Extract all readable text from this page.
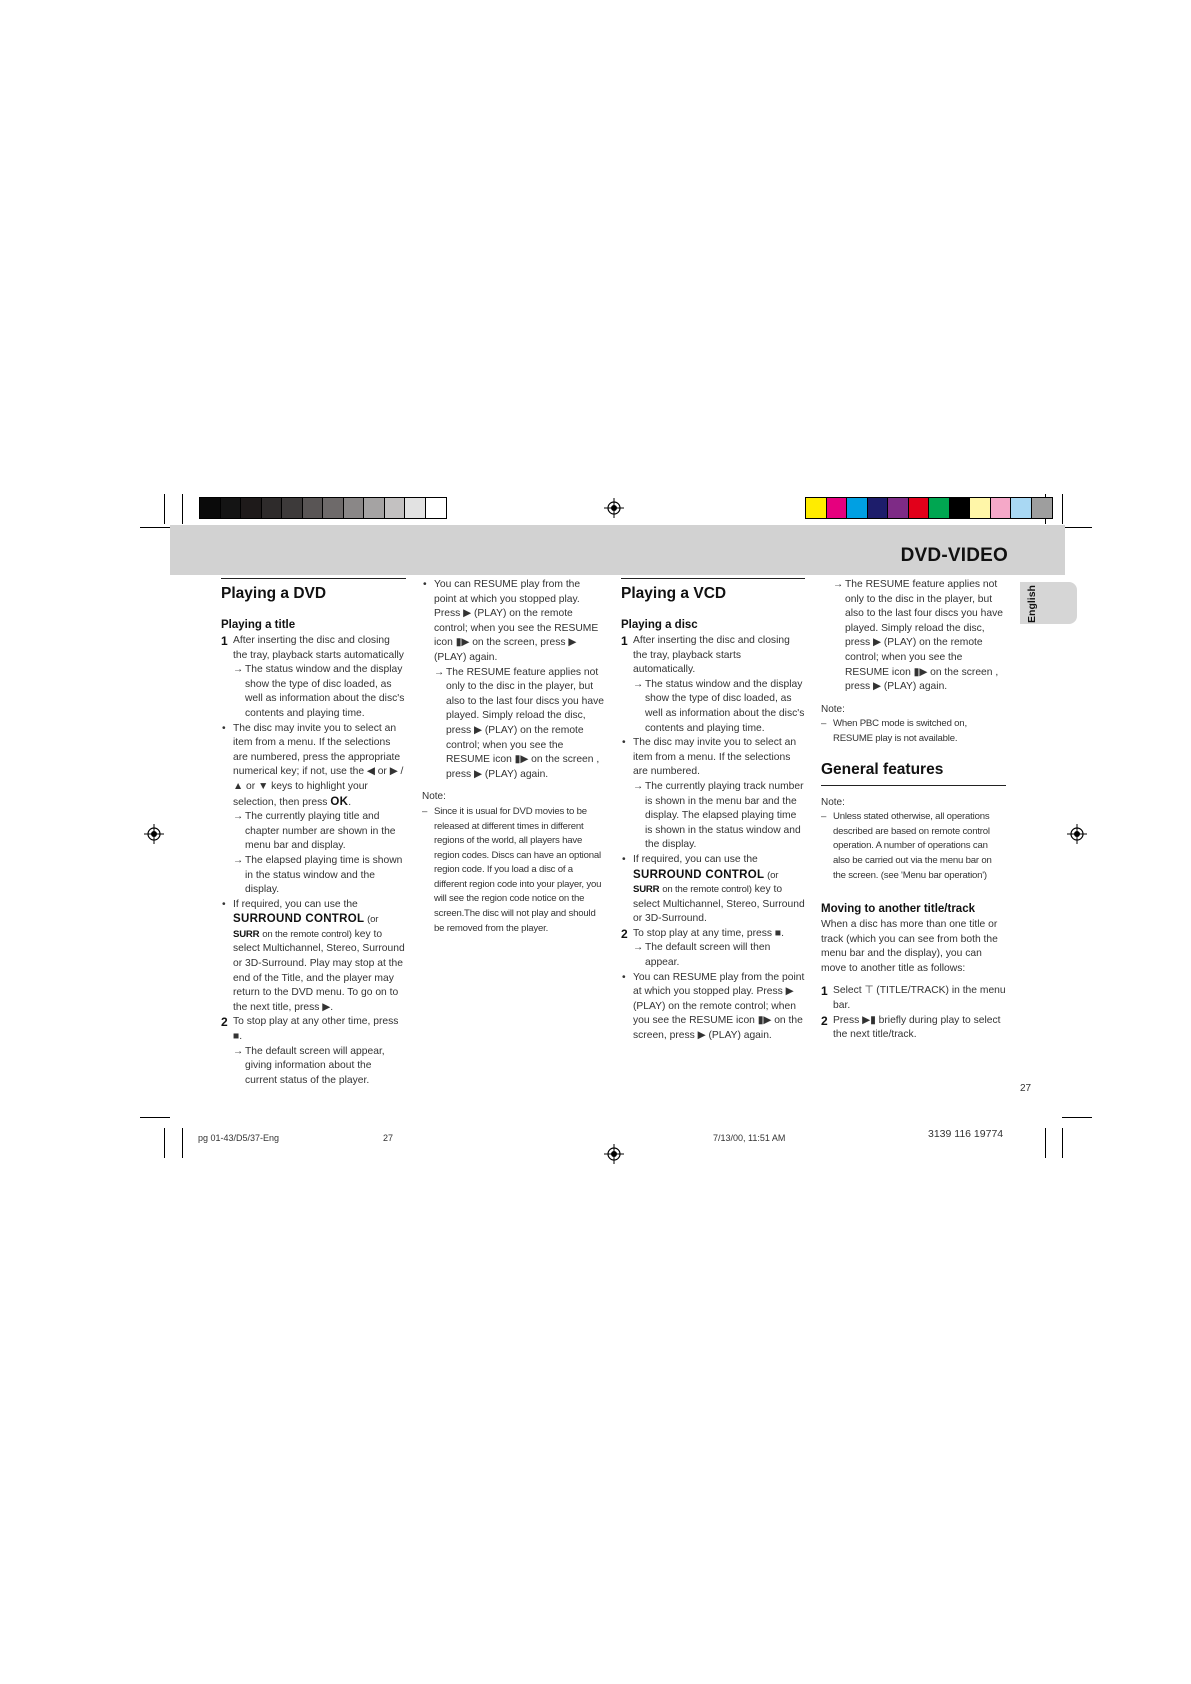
DVD-VIDEO
English
Playing a DVD
Playing a title
1 After inserting the disc and closing the tray, playback starts automatically
→ The status window and the display show the type of disc loaded, as well as information about the disc's contents and playing time.
• The disc may invite you to select an item from a menu. If the selections are numbered, press the appropriate numerical key; if not, use the ◀ or ▶ / ▲ or ▼ keys to highlight your selection, then press OK.
→ The currently playing title and chapter number are shown in the menu bar and display.
→ The elapsed playing time is shown in the status window and the display.
• If required, you can use the SURROUND CONTROL (or SURR on the remote control) key to select Multichannel, Stereo, Surround or 3D-Surround. Play may stop at the end of the Title, and the player may return to the DVD menu. To go on to the next title, press ▶.
2 To stop play at any other time, press ■.
→ The default screen will appear, giving information about the current status of the player.
• You can RESUME play from the point at which you stopped play. Press ▶ (PLAY) on the remote control; when you see the RESUME icon ▮▶ on the screen, press ▶ (PLAY) again.
→ The RESUME feature applies not only to the disc in the player, but also to the last four discs you have played. Simply reload the disc, press ▶ (PLAY) on the remote control; when you see the RESUME icon ▮▶ on the screen , press ▶ (PLAY) again.
Note:
– Since it is usual for DVD movies to be released at different times in different regions of the world, all players have region codes. Discs can have an optional region code. If you load a disc of a different region code into your player, you will see the region code notice on the screen.The disc will not play and should be removed from the player.
Playing a VCD
Playing a disc
1 After inserting the disc and closing the tray, playback starts automatically.
→ The status window and the display show the type of disc loaded, as well as information about the disc's contents and playing time.
• The disc may invite you to select an item from a menu. If the selections are numbered.
→ The currently playing track number is shown in the menu bar and the display. The elapsed playing time is shown in the status window and the display.
• If required, you can use the SURROUND CONTROL (or SURR on the remote control) key to select Multichannel, Stereo, Surround or 3D-Surround.
2 To stop play at any time, press ■.
→ The default screen will then appear.
• You can RESUME play from the point at which you stopped play. Press ▶ (PLAY) on the remote control; when you see the RESUME icon ▮▶ on the screen, press ▶ (PLAY) again.
→ The RESUME feature applies not only to the disc in the player, but also to the last four discs you have played. Simply reload the disc, press ▶ (PLAY) on the remote control; when you see the RESUME icon ▮▶ on the screen , press ▶ (PLAY) again.
Note:
– When PBC mode is switched on, RESUME play is not available.
General features
Note:
– Unless stated otherwise, all operations described are based on remote control operation. A number of operations can also be carried out via the menu bar on the screen. (see 'Menu bar operation')
Moving to another title/track
When a disc has more than one title or track (which you can see from both the menu bar and the display), you can move to another title as follows:
1 Select ⊤ (TITLE/TRACK) in the menu bar.
2 Press ▶▮ briefly during play to select the next title/track.
27
pg 01-43/D5/37-Eng	27	7/13/00, 11:51 AM	3139 116 19774
